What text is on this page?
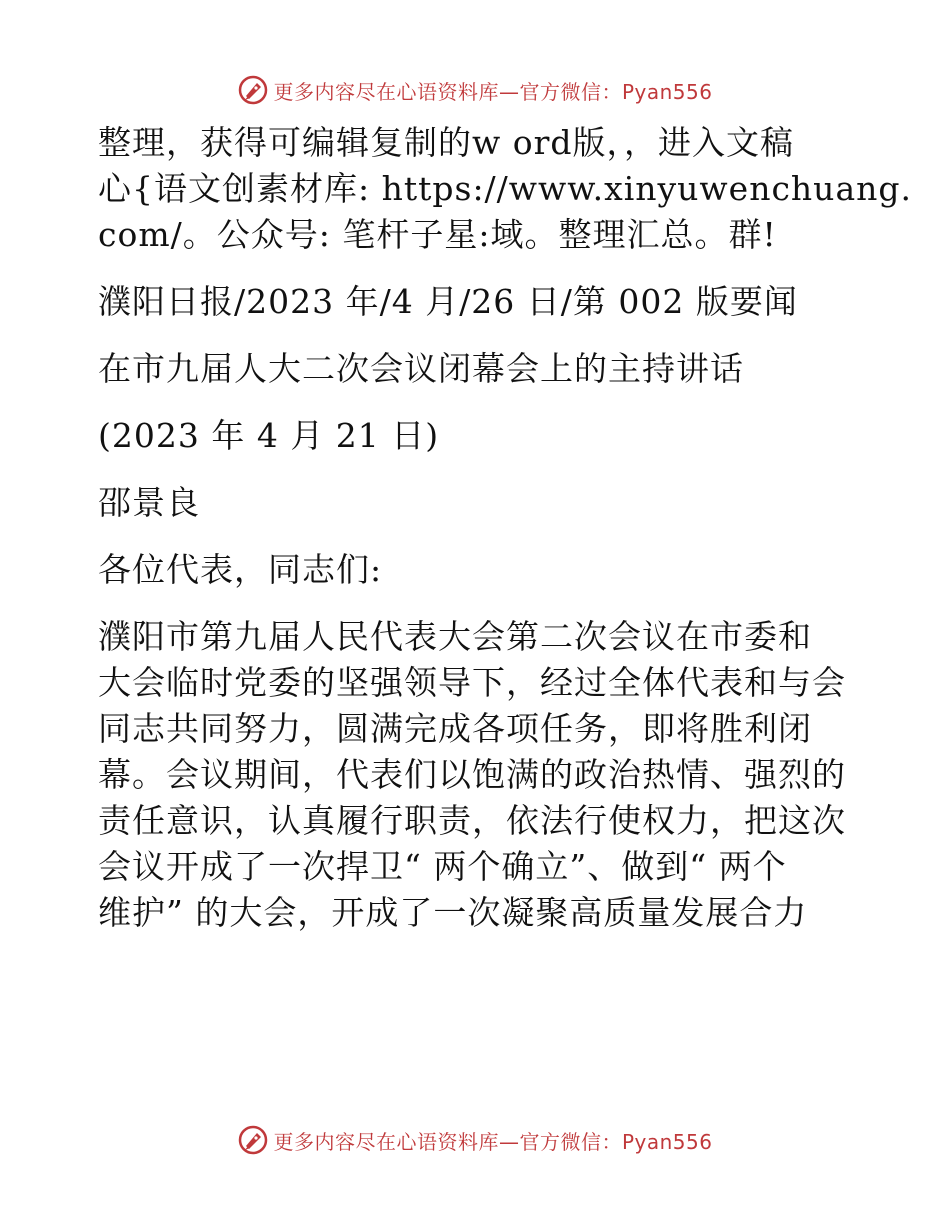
更多内容尽在心语资料库—官方微信：Pyan556
整理，获得可编辑复制的w ord版，，进入文稿
心{语文创素材库: https://www.xinyuwenchuang.
com/。公众号: 笔杆子星:域。整理汇总。群!
濮阳日报/2023 年/4 月/26 日/第 002 版要闻
在市九届人大二次会议闭幕会上的主持讲话
(2023 年 4 月 21 日)
邵景良
各位代表，同志们:
濮阳市第九届人民代表大会第二次会议在市委和
大会临时党委的坚强领导下，经过全体代表和与会
同志共同努力，圆满完成各项任务，即将胜利闭
幕。会议期间，代表们以饱满的政治热情、强烈的
责任意识，认真履行职责，依法行使权力，把这次
会议开成了一次捍卫“ 两个确立”、做到“ 两个
维护” 的大会，开成了一次凝聚高质量发展合力
更多内容尽在心语资料库—官方微信：Pyan556
